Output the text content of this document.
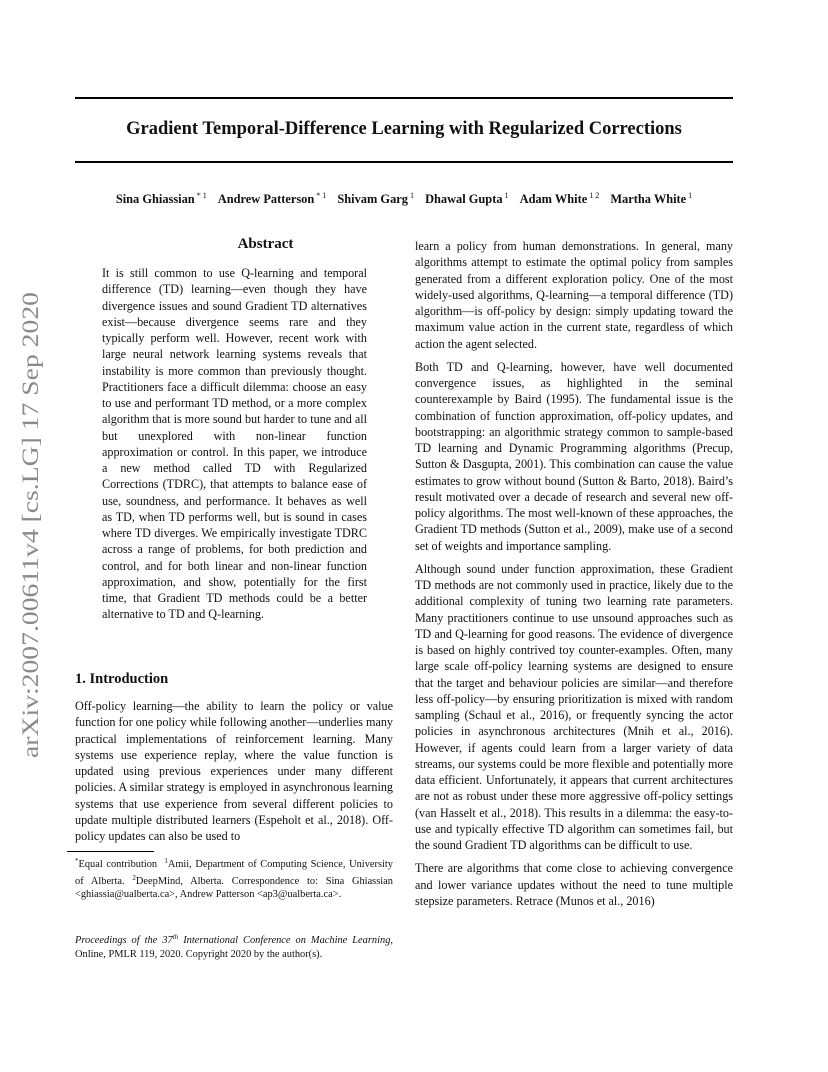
Gradient Temporal-Difference Learning with Regularized Corrections
Sina Ghiassian $^{* 1}$ Andrew Patterson $^{* 1}$ Shivam Garg $^1$ Dhawal Gupta $^1$ Adam White $^{1 2}$ Martha White $^1$
arXiv:2007.00611v4 [cs.LG] 17 Sep 2020
Abstract
It is still common to use Q-learning and temporal difference (TD) learning—even though they have divergence issues and sound Gradient TD alternatives exist—because divergence seems rare and they typically perform well. However, recent work with large neural network learning systems reveals that instability is more common than previously thought. Practitioners face a difficult dilemma: choose an easy to use and performant TD method, or a more complex algorithm that is more sound but harder to tune and all but unexplored with non-linear function approximation or control. In this paper, we introduce a new method called TD with Regularized Corrections (TDRC), that attempts to balance ease of use, soundness, and performance. It behaves as well as TD, when TD performs well, but is sound in cases where TD diverges. We empirically investigate TDRC across a range of problems, for both prediction and control, and for both linear and non-linear function approximation, and show, potentially for the first time, that Gradient TD methods could be a better alternative to TD and Q-learning.
1. Introduction
Off-policy learning—the ability to learn the policy or value function for one policy while following another—underlies many practical implementations of reinforcement learning. Many systems use experience replay, where the value function is updated using previous experiences under many different policies. A similar strategy is employed in asynchronous learning systems that use experience from several different policies to update multiple distributed learners (Espeholt et al., 2018). Off-policy updates can also be used to
*Equal contribution $^1$Amii, Department of Computing Science, University of Alberta. $^2$DeepMind, Alberta. Correspondence to: Sina Ghiassian <ghiassia@ualberta.ca>, Andrew Patterson <ap3@ualberta.ca>.
Proceedings of the 37th International Conference on Machine Learning, Online, PMLR 119, 2020. Copyright 2020 by the author(s).

learn a policy from human demonstrations. In general, many algorithms attempt to estimate the optimal policy from samples generated from a different exploration policy. One of the most widely-used algorithms, Q-learning—a temporal difference (TD) algorithm—is off-policy by design: simply updating toward the maximum value action in the current state, regardless of which action the agent selected.

Both TD and Q-learning, however, have well documented convergence issues, as highlighted in the seminal counterexample by Baird (1995). The fundamental issue is the combination of function approximation, off-policy updates, and bootstrapping: an algorithmic strategy common to sample-based TD learning and Dynamic Programming algorithms (Precup, Sutton & Dasgupta, 2001). This combination can cause the value estimates to grow without bound (Sutton & Barto, 2018). Baird’s result motivated over a decade of research and several new off-policy algorithms. The most well-known of these approaches, the Gradient TD methods (Sutton et al., 2009), make use of a second set of weights and importance sampling.

Although sound under function approximation, these Gradient TD methods are not commonly used in practice, likely due to the additional complexity of tuning two learning rate parameters. Many practitioners continue to use unsound approaches such as TD and Q-learning for good reasons. The evidence of divergence is based on highly contrived toy counter-examples. Often, many large scale off-policy learning systems are designed to ensure that the target and behaviour policies are similar—and therefore less off-policy—by ensuring prioritization is mixed with random sampling (Schaul et al., 2016), or frequently syncing the actor policies in asynchronous architectures (Mnih et al., 2016). However, if agents could learn from a larger variety of data streams, our systems could be more flexible and potentially more data efficient. Unfortunately, it appears that current architectures are not as robust under these more aggressive off-policy settings (van Hasselt et al., 2018). This results in a dilemma: the easy-to-use and typically effective TD algorithm can sometimes fail, but the sound Gradient TD algorithms can be difficult to use.

There are algorithms that come close to achieving convergence and lower variance updates without the need to tune multiple stepsize parameters. Retrace (Munos et al., 2016)
